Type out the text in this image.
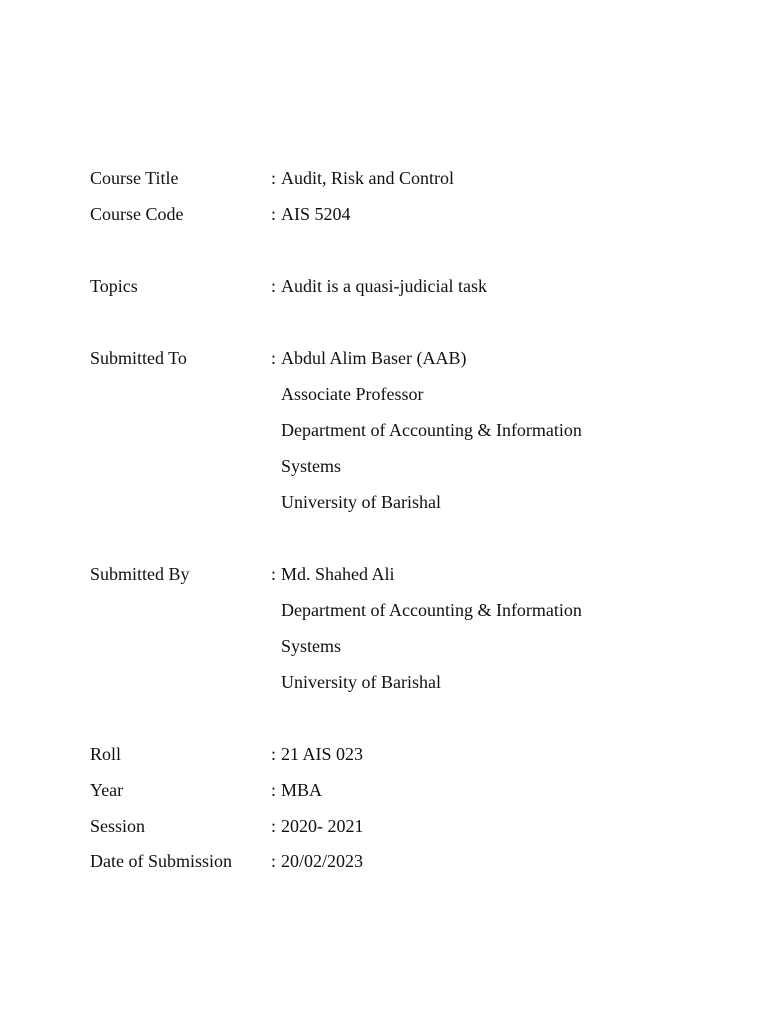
Course Title	: Audit, Risk and Control
Course Code	: AIS 5204
Topics	: Audit is a quasi-judicial task
Submitted To	: Abdul Alim Baser (AAB)
Associate Professor
Department of Accounting & Information
Systems
University of Barishal
Submitted By	: Md. Shahed Ali
Department of Accounting & Information
Systems
University of Barishal
Roll	: 21 AIS 023
Year	: MBA
Session	: 2020- 2021
Date of Submission : 20/02/2023
